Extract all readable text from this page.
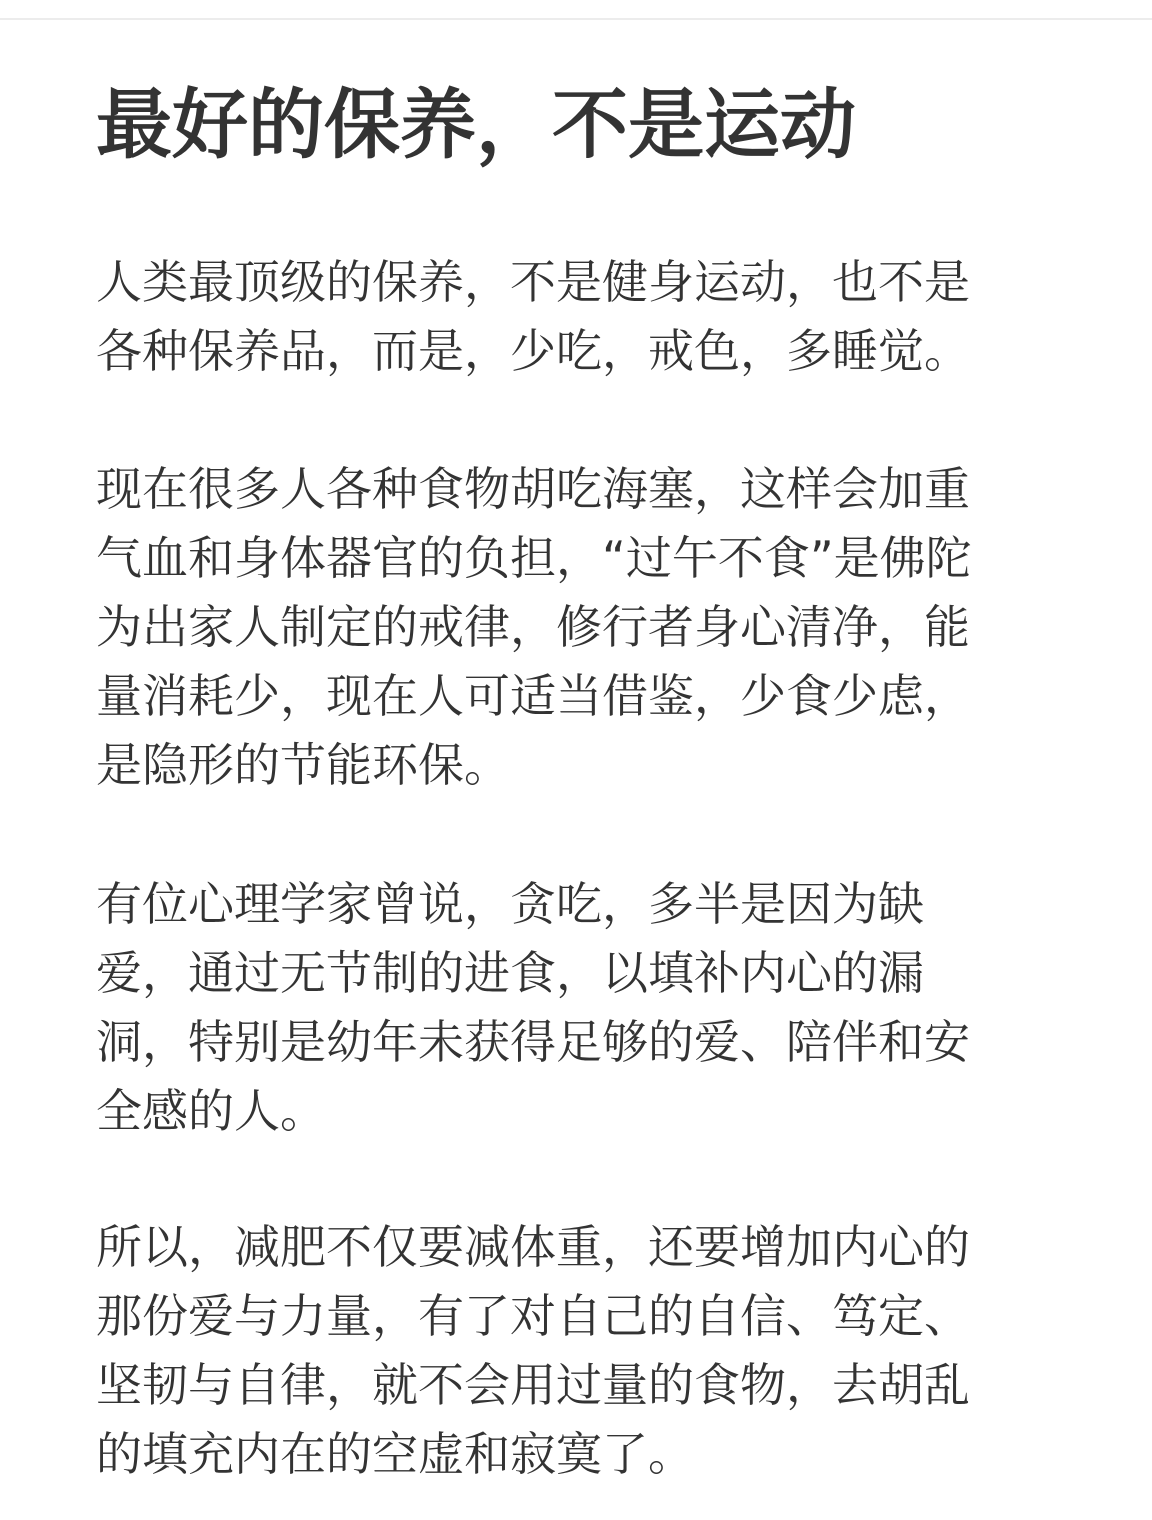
最好的保养，不是运动

人类最顶级的保养，不是健身运动，也不是
各种保养品，而是，少吃，戒色，多睡觉。

现在很多人各种食物胡吃海塞，这样会加重
气血和身体器官的负担，“过午不食”是佛陀
为出家人制定的戒律，修行者身心清净，能
量消耗少，现在人可适当借鉴，少食少虑，
是隐形的节能环保。

有位心理学家曾说，贪吃，多半是因为缺
爱，通过无节制的进食，以填补内心的漏
洞，特别是幼年未获得足够的爱、陪伴和安
全感的人。

所以，减肥不仅要减体重，还要增加内心的
那份爱与力量，有了对自己的自信、笃定、
坚韧与自律，就不会用过量的食物，去胡乱
的填充内在的空虚和寂寞了。
